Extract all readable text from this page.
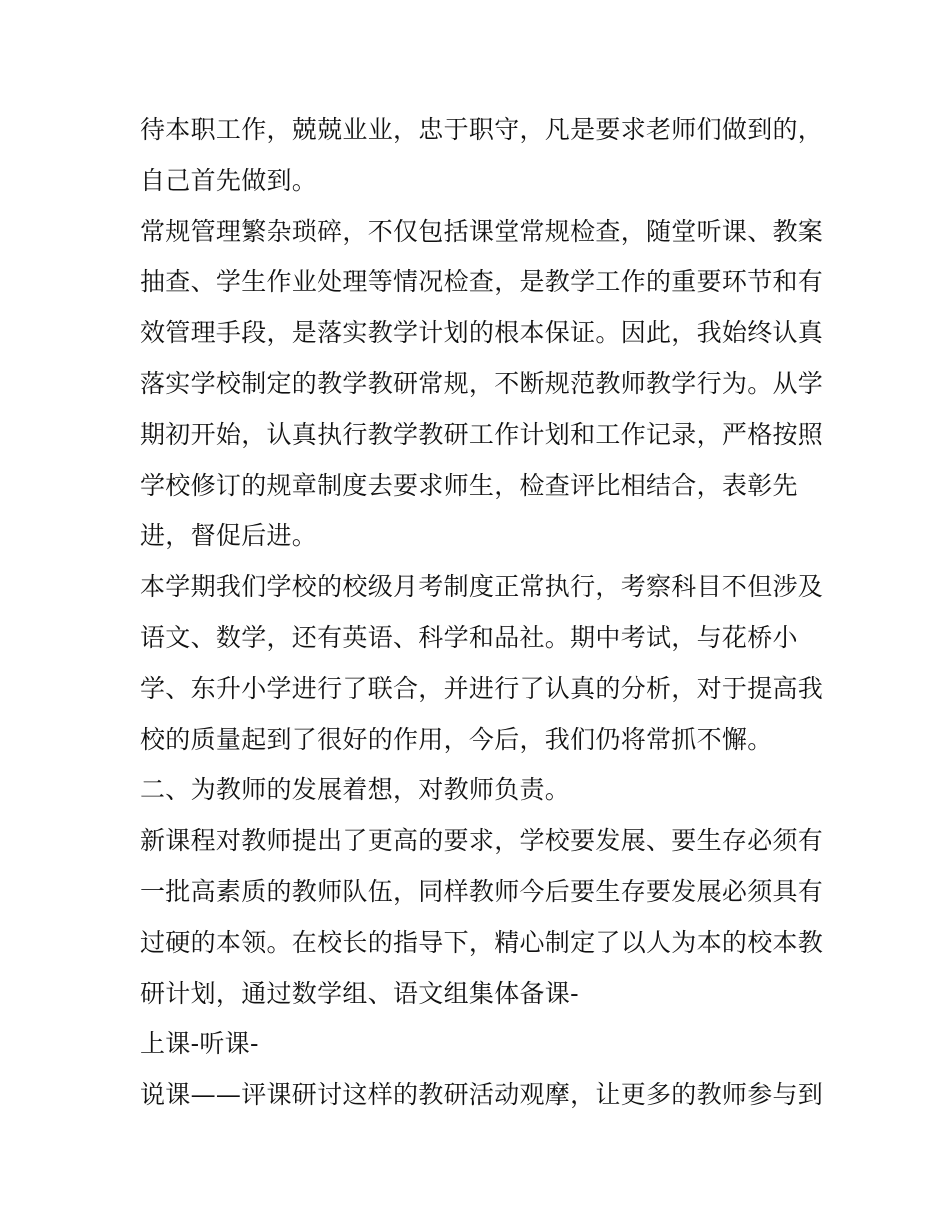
待本职工作，兢兢业业，忠于职守，凡是要求老师们做到的，
自己首先做到。
常规管理繁杂琐碎，不仅包括课堂常规检查，随堂听课、教案
抽查、学生作业处理等情况检查，是教学工作的重要环节和有
效管理手段，是落实教学计划的根本保证。因此，我始终认真
落实学校制定的教学教研常规，不断规范教师教学行为。从学
期初开始，认真执行教学教研工作计划和工作记录，严格按照
学校修订的规章制度去要求师生，检查评比相结合，表彰先
进，督促后进。
本学期我们学校的校级月考制度正常执行，考察科目不但涉及
语文、数学，还有英语、科学和品社。期中考试，与花桥小
学、东升小学进行了联合，并进行了认真的分析，对于提高我
校的质量起到了很好的作用，今后，我们仍将常抓不懈。
二、为教师的发展着想，对教师负责。
新课程对教师提出了更高的要求，学校要发展、要生存必须有
一批高素质的教师队伍，同样教师今后要生存要发展必须具有
过硬的本领。在校长的指导下，精心制定了以人为本的校本教
研计划，通过数学组、语文组集体备课-
上课-听课-
说课——评课研讨这样的教研活动观摩，让更多的教师参与到
